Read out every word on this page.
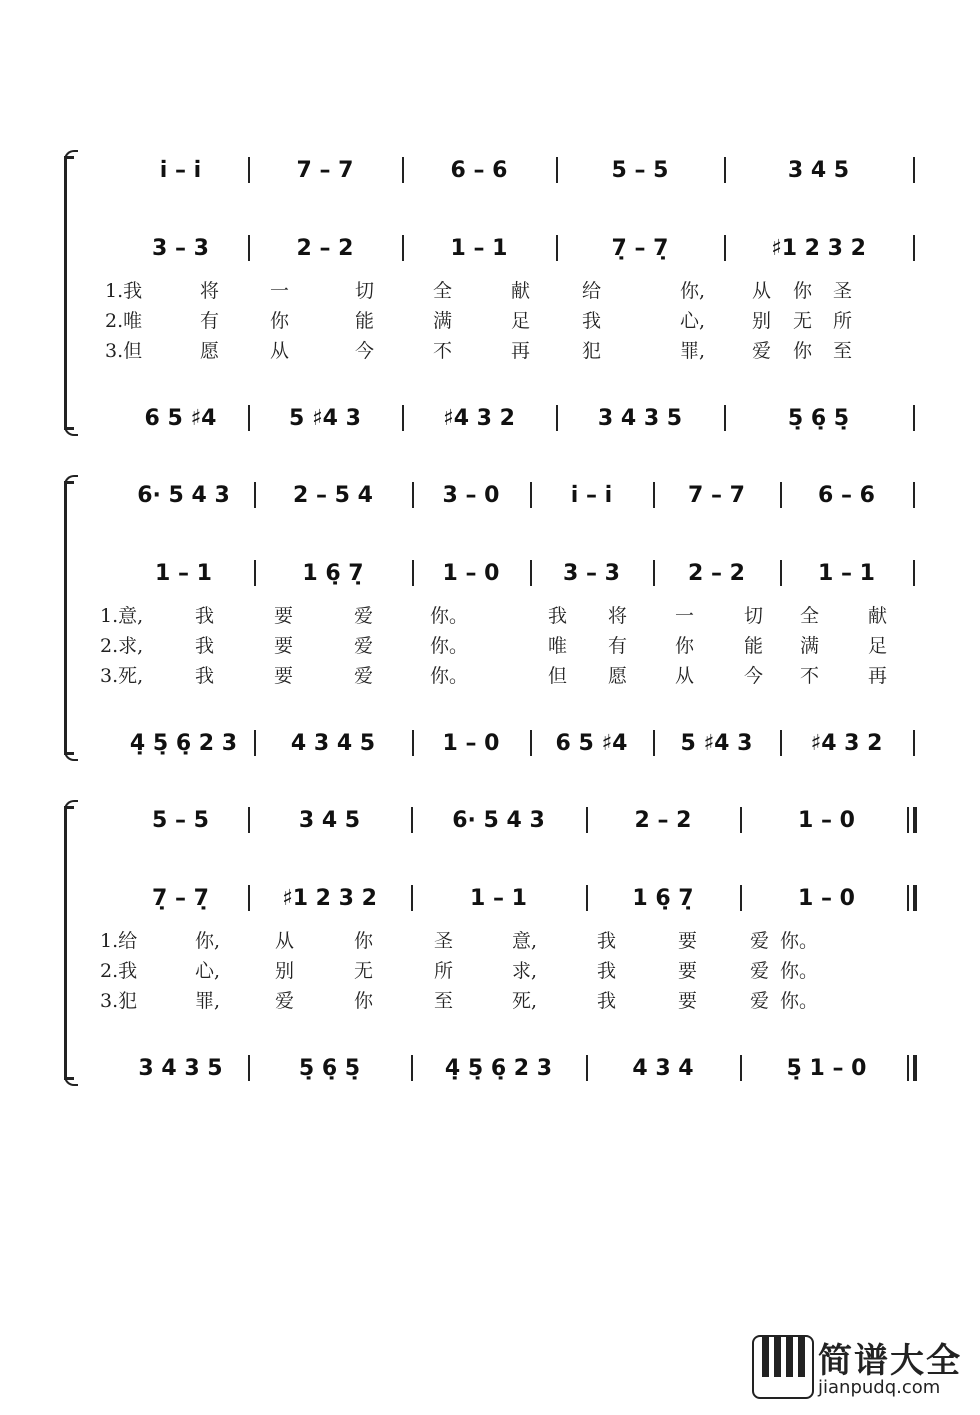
i̇ – i̇	7 – 7	6 – 6	5 – 5	3 4 5
3 – 3	2 – 2	1 – 1	7̣ – 7̣	♯1 2 3 2
6 5 ♯4	5 ♯4 3	♯4 3 2	3 4 3 5	5̣ 6̣ 5̣
1.我	将	一	切	全	献	给	你, 从 你 圣
2.唯	有	你	能	满	足	我	心, 别 无 所
3.但	愿	从	今	不	再	犯	罪, 爱 你 至
6· 5 4 3	2 – 5 4	3 – 0	i̇ – i̇	7 – 7	6 – 6
1 – 1	1 6̣ 7̣	1 – 0	3 – 3	2 – 2	1 – 1
4̣ 5̣ 6̣ 2 3	4 3 4 5	1 – 0	6 5 ♯4	5 ♯4 3	♯4 3 2
1.意,	我	要	爱	你。	我 将	一	切 全	献
2.求,	我	要	爱	你。	唯 有	你	能 满	足
3.死,	我	要	爱	你。	但 愿	从	今 不	再
5 – 5	3 4 5	6· 5 4 3	2 – 2	1 – 0
7̣ – 7̣	♯1 2 3 2	1 – 1	1 6̣ 7̣	1 – 0
3 4 3 5	5̣ 6̣ 5̣	4̣ 5̣ 6̣ 2 3	4 3 4	5̣ 1 – 0
1.给	你,	从	你	圣	意,	我	要	爱 你。
2.我	心,	别	无	所	求,	我	要	爱 你。
3.犯	罪,	爱	你	至	死,	我	要	爱 你。
简谱大全
jianpudq.com
